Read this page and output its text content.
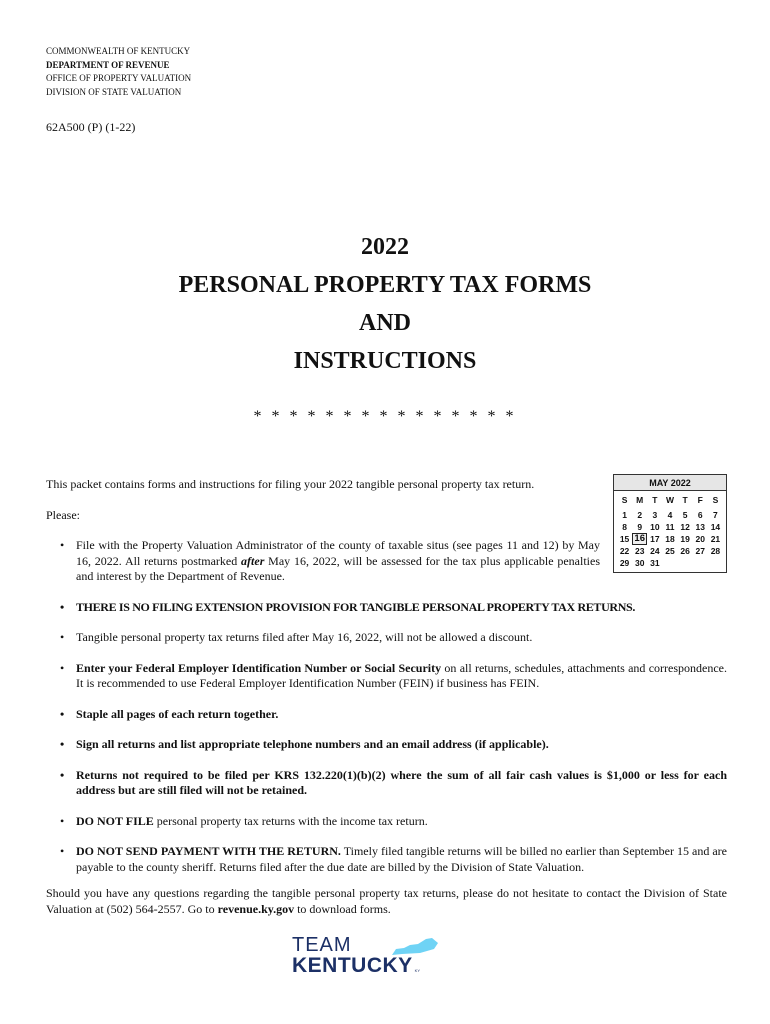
COMMONWEALTH OF KENTUCKY
DEPARTMENT OF REVENUE
OFFICE OF PROPERTY VALUATION
DIVISION OF STATE VALUATION
62A500 (P) (1-22)
2022
PERSONAL PROPERTY TAX FORMS
AND
INSTRUCTIONS
* * * * * * * * * * * * * * *
This packet contains forms and instructions for filing your 2022 tangible personal property tax return.
Please:
MAY 2022
S	M	T	W	T	F	S
1	2	3	4	5	6	7
8	9 10 11 12 13 14
15 16 17 18 19 20 21
22 23 24 25 26 27 28
29 30 31
• File with the Property Valuation Administrator of the county of taxable situs (see pages 11 and 12) by May 16, 2022. All returns postmarked after May 16, 2022, will be assessed for the tax plus applicable penalties and interest by the Department of Revenue.
• THERE IS NO FILING EXTENSION PROVISION FOR TANGIBLE PERSONAL PROPERTY TAX RETURNS.
• Tangible personal property tax returns filed after May 16, 2022, will not be allowed a discount.
• Enter your Federal Employer Identification Number or Social Security on all returns, schedules, attachments and correspondence. It is recommended to use Federal Employer Identification Number (FEIN) if business has FEIN.
• Staple all pages of each return together.
• Sign all returns and list appropriate telephone numbers and an email address (if applicable).
• Returns not required to be filed per KRS 132.220(1)(b)(2) where the sum of all fair cash values is $1,000 or less for each address but are still filed will not be retained.
• DO NOT FILE personal property tax returns with the income tax return.
• DO NOT SEND PAYMENT WITH THE RETURN. Timely filed tangible returns will be billed no earlier than September 15 and are payable to the county sheriff. Returns filed after the due date are billed by the Division of State Valuation.
Should you have any questions regarding the tangible personal property tax returns, please do not hesitate to contact the Division of State Valuation at (502) 564-2557. Go to revenue.ky.gov to download forms.
TEAM
KENTUCKY KY
